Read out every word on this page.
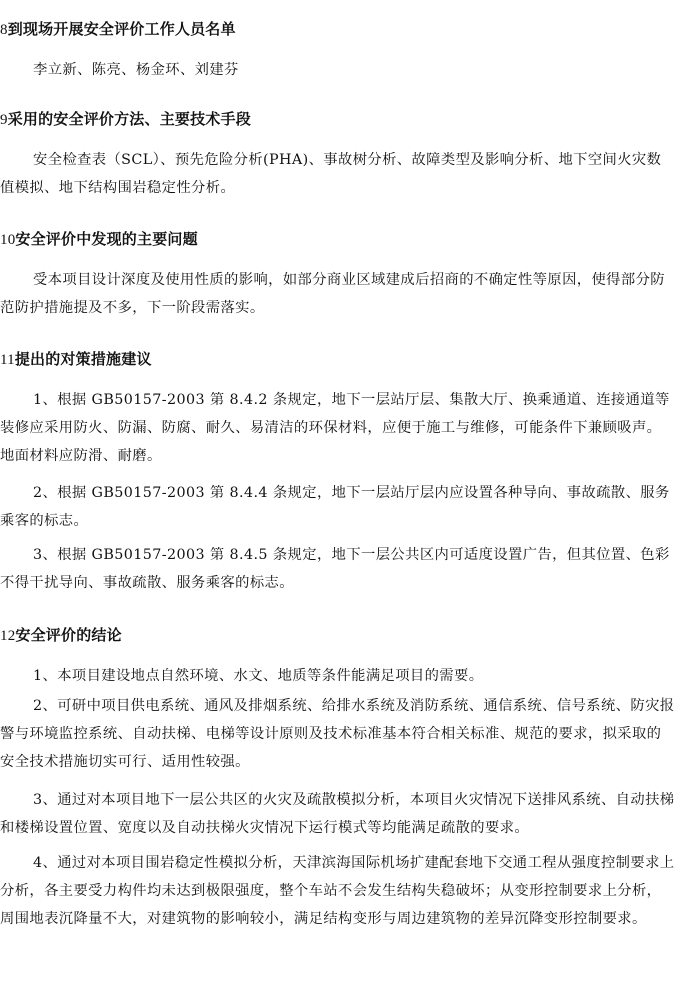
8到现场开展安全评价工作人员名单

李立新、陈亮、杨金环、刘建芬

9采用的安全评价方法、主要技术手段

安全检查表（SCL）、预先危险分析(PHA)、事故树分析、故障类型及影响分析、地下空间火灾数值模拟、地下结构围岩稳定性分析。

10安全评价中发现的主要问题

受本项目设计深度及使用性质的影响，如部分商业区域建成后招商的不确定性等原因，使得部分防范防护措施提及不多，下一阶段需落实。

11提出的对策措施建议

1、根据 GB50157-2003 第 8.4.2 条规定，地下一层站厅层、集散大厅、换乘通道、连接通道等装修应采用防火、防漏、防腐、耐久、易清洁的环保材料，应便于施工与维修，可能条件下兼顾吸声。地面材料应防滑、耐磨。

2、根据 GB50157-2003 第 8.4.4 条规定，地下一层站厅层内应设置各种导向、事故疏散、服务乘客的标志。

3、根据 GB50157-2003 第 8.4.5 条规定，地下一层公共区内可适度设置广告，但其位置、色彩不得干扰导向、事故疏散、服务乘客的标志。

12安全评价的结论

1、本项目建设地点自然环境、水文、地质等条件能满足项目的需要。

2、可研中项目供电系统、通风及排烟系统、给排水系统及消防系统、通信系统、信号系统、防灾报警与环境监控系统、自动扶梯、电梯等设计原则及技术标准基本符合相关标准、规范的要求，拟采取的安全技术措施切实可行、适用性较强。

3、通过对本项目地下一层公共区的火灾及疏散模拟分析，本项目火灾情况下送排风系统、自动扶梯和楼梯设置位置、宽度以及自动扶梯火灾情况下运行模式等均能满足疏散的要求。

4、通过对本项目围岩稳定性模拟分析，天津滨海国际机场扩建配套地下交通工程从强度控制要求上分析，各主要受力构件均未达到极限强度，整个车站不会发生结构失稳破坏；从变形控制要求上分析，周围地表沉降量不大，对建筑物的影响较小，满足结构变形与周边建筑物的差异沉降变形控制要求。
